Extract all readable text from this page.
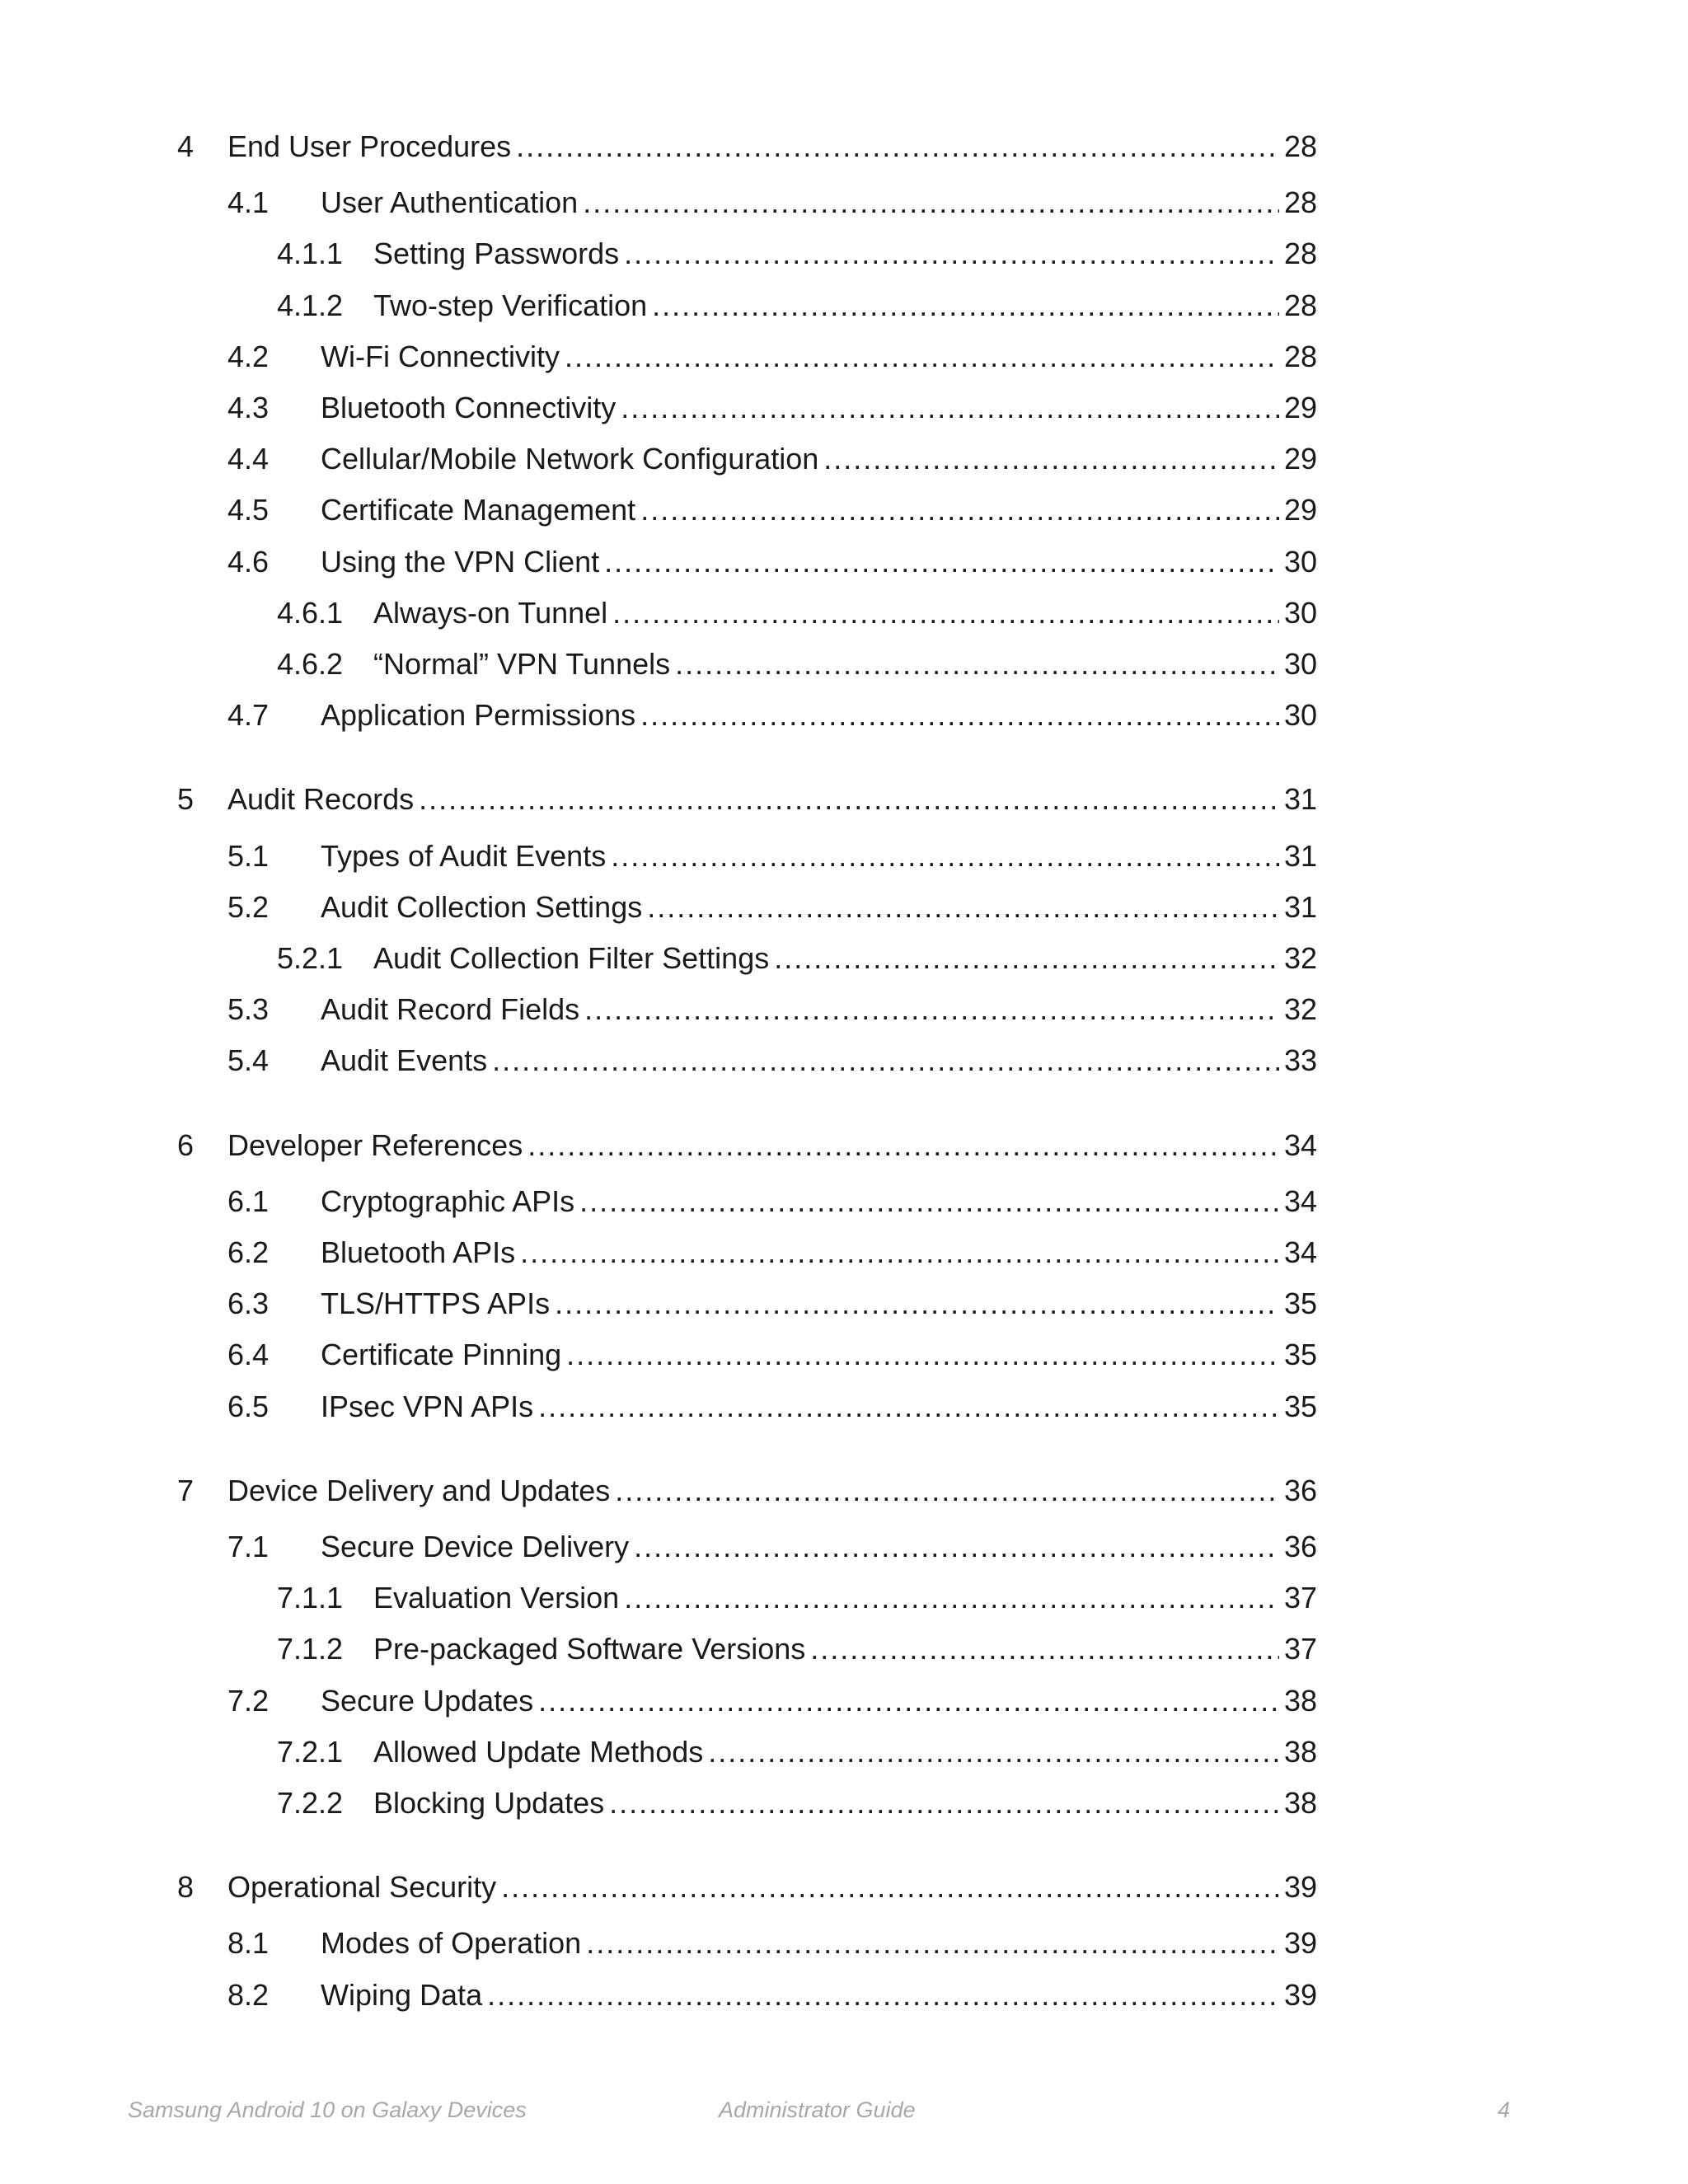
4 End User Procedures .....	28
4.1 User Authentication .....	28
4.1.1 Setting Passwords .....	28
4.1.2 Two-step Verification .....	28
4.2 Wi-Fi Connectivity .....	28
4.3 Bluetooth Connectivity .....	29
4.4 Cellular/Mobile Network Configuration .....	29
4.5 Certificate Management .....	29
4.6 Using the VPN Client .....	30
4.6.1 Always-on Tunnel .....	30
4.6.2 “Normal” VPN Tunnels .....	30
4.7 Application Permissions .....	30
5 Audit Records .....	31
5.1 Types of Audit Events .....	31
5.2 Audit Collection Settings .....	31
5.2.1 Audit Collection Filter Settings .....	32
5.3 Audit Record Fields .....	32
5.4 Audit Events .....	33
6 Developer References .....	34
6.1 Cryptographic APIs .....	34
6.2 Bluetooth APIs .....	34
6.3 TLS/HTTPS APIs .....	35
6.4 Certificate Pinning .....	35
6.5 IPsec VPN APIs .....	35
7 Device Delivery and Updates .....	36
7.1 Secure Device Delivery .....	36
7.1.1 Evaluation Version .....	37
7.1.2 Pre-packaged Software Versions .....	37
7.2 Secure Updates .....	38
7.2.1 Allowed Update Methods .....	38
7.2.2 Blocking Updates .....	38
8 Operational Security .....	39
8.1 Modes of Operation .....	39
8.2 Wiping Data .....	39
Samsung Android 10 on Galaxy Devices	Administrator Guide	4
